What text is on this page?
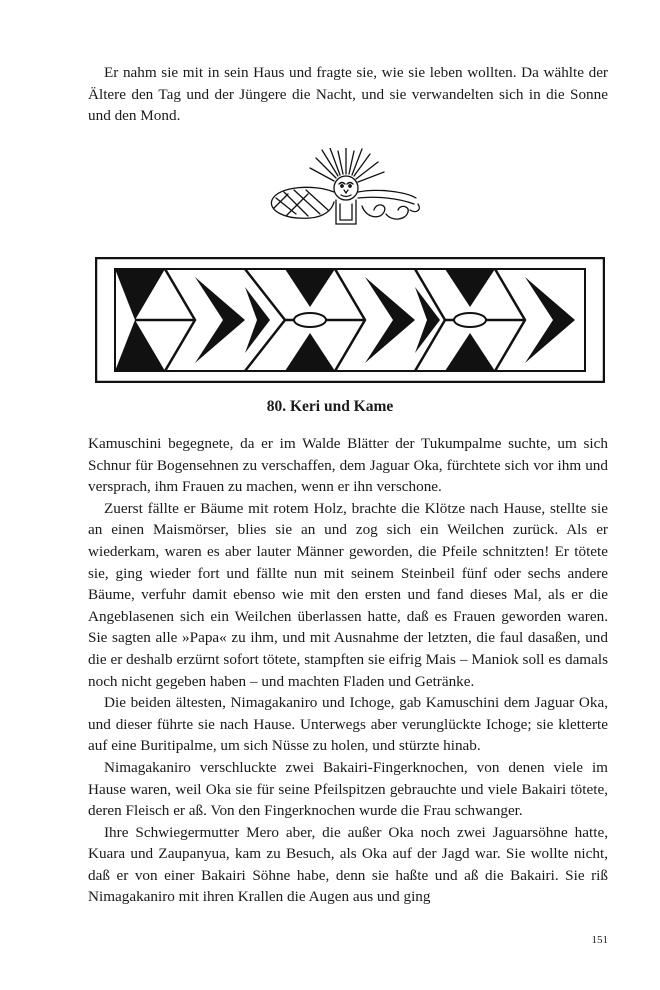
Er nahm sie mit in sein Haus und fragte sie, wie sie leben wollten. Da wählte der Ältere den Tag und der Jüngere die Nacht, und sie verwandelten sich in die Sonne und den Mond.

80. Keri und Kame

Kamuschini begegnete, da er im Walde Blätter der Tukumpalme suchte, um sich Schnur für Bogensehnen zu verschaffen, dem Jaguar Oka, fürchtete sich vor ihm und versprach, ihm Frauen zu machen, wenn er ihn verschone.

Zuerst fällte er Bäume mit rotem Holz, brachte die Klötze nach Hause, stellte sie an einen Maismörser, blies sie an und zog sich ein Weilchen zurück. Als er wiederkam, waren es aber lauter Männer geworden, die Pfeile schnitzten! Er tötete sie, ging wieder fort und fällte nun mit seinem Steinbeil fünf oder sechs andere Bäume, verfuhr damit ebenso wie mit den ersten und fand dieses Mal, als er die Angeblasenen sich ein Weilchen überlassen hatte, daß es Frauen geworden waren. Sie sagten alle »Papa« zu ihm, und mit Ausnahme der letzten, die faul dasaßen, und die er deshalb erzürnt sofort tötete, stampften sie eifrig Mais – Maniok soll es damals noch nicht gegeben haben – und machten Fladen und Getränke.

Die beiden ältesten, Nimagakaniro und Ichoge, gab Kamuschini dem Jaguar Oka, und dieser führte sie nach Hause. Unterwegs aber verunglückte Ichoge; sie kletterte auf eine Buritipalme, um sich Nüsse zu holen, und stürzte hinab.

Nimagakaniro verschluckte zwei Bakairi-Fingerknochen, von denen viele im Hause waren, weil Oka sie für seine Pfeilspitzen gebrauchte und viele Bakairi tötete, deren Fleisch er aß. Von den Fingerknochen wurde die Frau schwanger.

Ihre Schwiegermutter Mero aber, die außer Oka noch zwei Jaguarsöhne hatte, Kuara und Zaupanyua, kam zu Besuch, als Oka auf der Jagd war. Sie wollte nicht, daß er von einer Bakairi Söhne habe, denn sie haßte und aß die Bakairi. Sie riß Nimagakaniro mit ihren Krallen die Augen aus und ging

151
